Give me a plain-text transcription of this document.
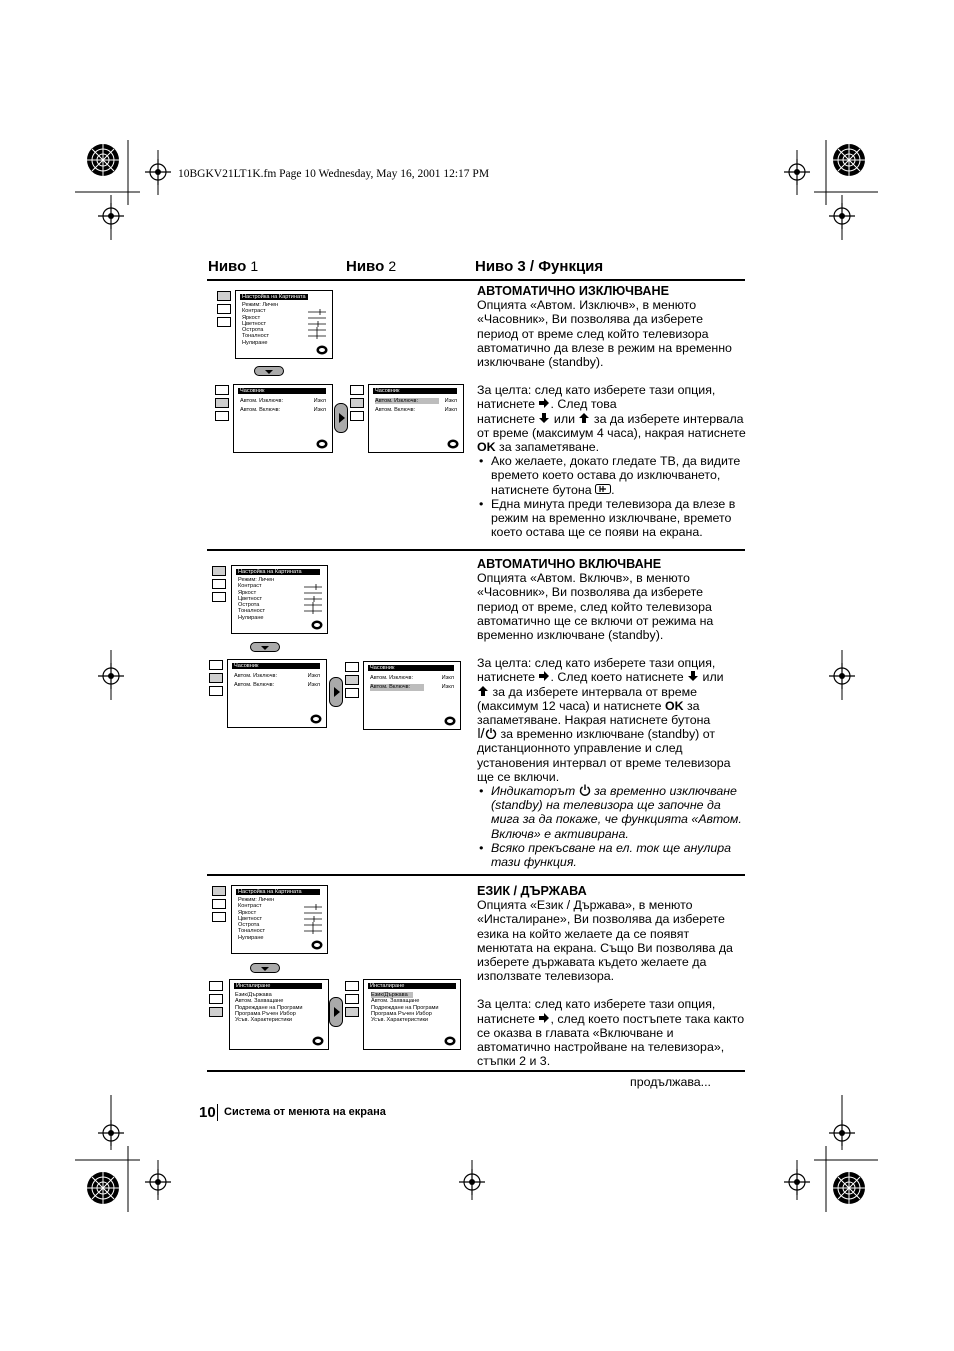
10BGKV21LT1K.fm Page 10 Wednesday, May 16, 2001 12:17 PM
Ниво 1	Ниво 2	Ниво 3 / Функция
Настройка на Картината
Режим: Личен
Контраст
Яркост
Цветност
Острота
Тоналност
Нулиране
Часовник
Автом. Изключв:
Автом. Включв:
Изкл
Изкл
Часовник
Автом. Изключв:
Автом. Включв:
Изкл
Изкл
АВТОМАТИЧНО ИЗКЛЮЧВАНЕ

Опцията «Автом. Изключв», в менюто «Часовник», Ви позволява да изберете период от време след който телевизора автоматично да влезе в режим на временно изключване (standby).

За целта: след като изберете тази опция, натиснете . След това
натиснете или за да изберете интервала от време (максимум 4 часа), накрая натиснете OK за запаметяване.

• Ако желаете, докато гледате ТВ, да видите времето което остава до изключването, натиснете бутона .
• Една минута преди телевизора да влезе в режим на временно изключване, времето което остава ще се появи на екрана.
Настройка на Картината
Режим: Личен
Контраст
Яркост
Цветност
Острота
Тоналност
Нулиране
Часовник
Автом. Изключв:
Автом. Включв:
Изкл
Изкл
Часовник
Автом. Изключв:
Автом. Включв:
Изкл
Изкл
АВТОМАТИЧНО ВКЛЮЧВАНЕ

Опцията «Автом. Включв», в менюто «Часовник», Ви позволява да изберете период от време, след който телевизора автоматично ще се включи от режима на временно изключване (standby).

За целта: след като изберете тази опция, натиснете . След което натиснете или
за да изберете интервала от време (максимум 12 часа) и натиснете OK за запаметяване. Накрая натиснете бутона
за временно изключване (standby) от дистанционното управление и след установения интервал от време телевизора ще се включи.

• Индикаторът за временно изключване (standby) на телевизора ще започне да мига за да покаже, че функцията «Автом. Включв» е активирана.
• Всяко прекъсване на ел. ток ще анулира тази функция.
Настройка на Картината
Режим: Личен
Контраст
Яркост
Цветност
Острота
Тоналност
Нулиране
Инсталиране
Език/Държава
Автом. Захващане
Подреждане на Програми
Програма Ръчен Избор
Усъв. Характеристики
Инсталиране
Език/Държава
Автом. Захващане
Подреждане на Програми
Програма Ръчен Избор
Усъв. Характеристики
ЕЗИК / ДЪРЖАВА

Опцията «Език / Държава», в менюто «Инсталиране», Ви позволява да изберете езика на който желаете да се появят менютата на екрана. Също Ви позволява да изберете държавата където желаете да използвате телевизора.

За целта: след като изберете тази опция, натиснете , след което постъпете така както се оказва в главата «Включване и автоматично настройване на телевизора», стъпки 2 и 3.

продължава...
10 Система от менюта на екрана
